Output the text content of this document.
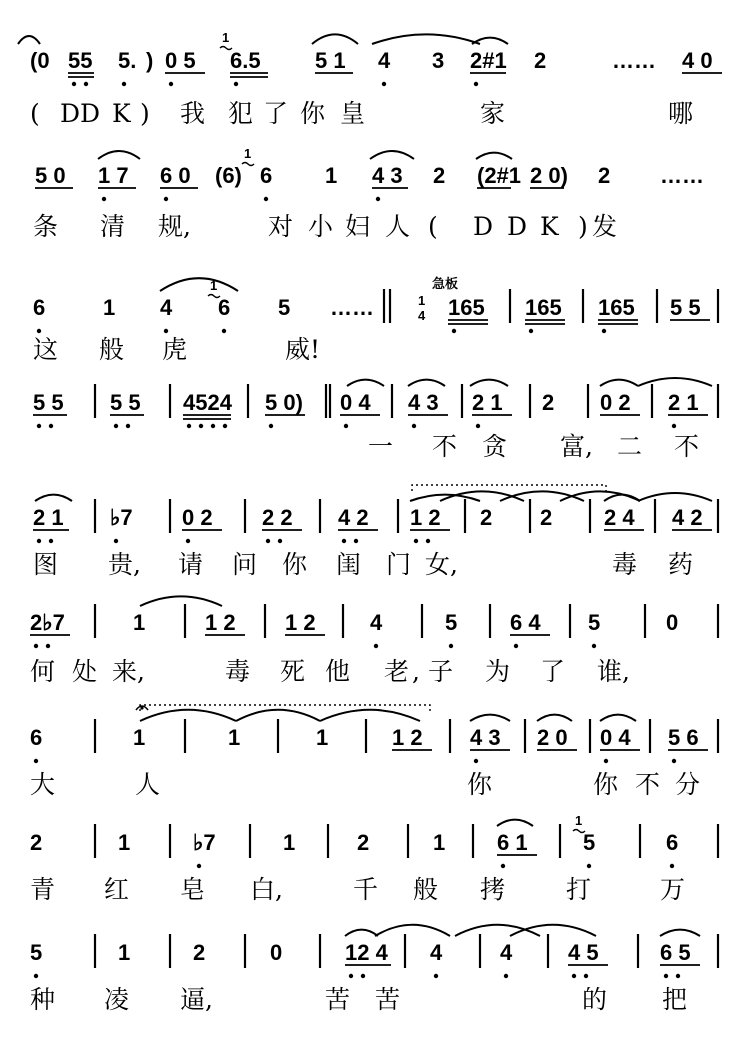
(0 55 5. ) 0 5 6.5 5 1 4 3 2#1 2	…… 4 0
5 0 1 7 6 0 (6) 6 1 4 3 2 (2#1 2 0) 2 ……
6	1 4 6 5 ……	165 165 165 5 5
5 5 5 5 4524 5 0) 0 4 4 3 2 1 2 0 2 2 1
2 1 ♭7 0 2 2 2 4 2 1 2 2 2 2 4 4 2
2♭7	1	1 2 1 2 4	5 6 4 5	0
6	1	1	1	1 2 4 3 2 0 0 4 5 6
2	1	♭7	1	2	1 6 1	5	6
5	1	2	0	12 4 4	4	4 5	6 5
( DD K ) 我 犯 了 你 皇	家	哪
条 清 规,	对 小 妇 人 ( D D K ) 发
这 般 虎	威!
一 不 贪 富, 二 不
图 贵, 请 问 你 闺 门 女,	毒 药
何 处 来,	毒 死 他 老 , 子 为 了 谁,
大	人	你	你 不 分
青 红 皂 白,	千 般 拷 打	万
种 凌 逼,	苦 苦	的 把
1
1
1
1
急板
1
4
